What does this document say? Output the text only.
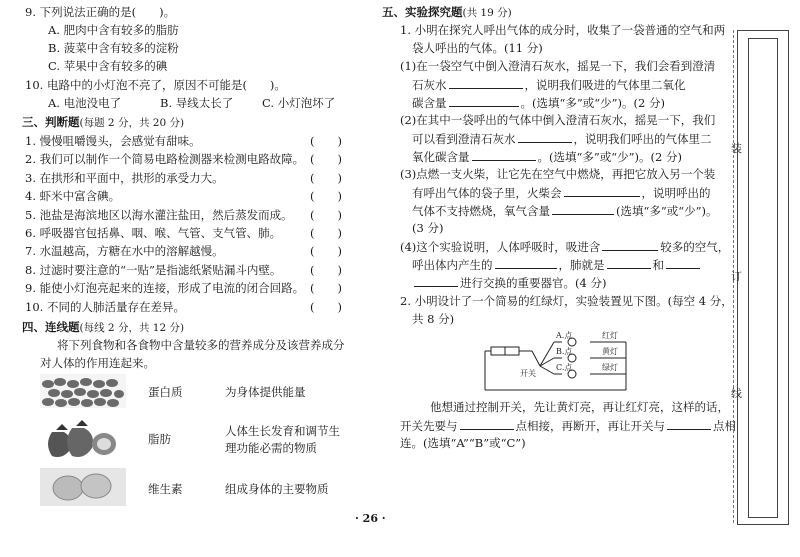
9. 下列说法正确的是(　　)。
A. 肥肉中含有较多的脂肪
B. 菠菜中含有较多的淀粉
C. 苹果中含有较多的碘
10. 电路中的小灯泡不亮了，原因不可能是(　　)。
A. 电池没电了	B. 导线太长了 C. 小灯泡坏了
三、判断题(每题 2 分，共 20 分)
1. 慢慢咀嚼馒头，会感觉有甜味。	(　　)
2. 我们可以制作一个简易电路检测器来检测电路故障。 (　　)
3. 在拱形和平面中，拱形的承受力大。	(　　)
4. 虾米中富含碘。	(　　)
5. 池盐是海滨地区以海水灌注盐田，然后蒸发而成。 (　　)
6. 呼吸器官包括鼻、咽、喉、气管、支气管、肺。	(　　)
7. 水温越高，方糖在水中的溶解越慢。	(　　)
8. 过滤时要注意的“一贴”是指滤纸紧贴漏斗内壁。 (　　)
9. 能使小灯泡亮起来的连接，形成了电流的闭合回路。 (　　)
10. 不同的人肺活量存在差异。	(　　)
四、连线题(每线 2 分，共 12 分)
将下列食物和各食物中含量较多的营养成分及该营养成分
对人体的作用连起来。
蛋白质
脂肪
维生素
为身体提供能量
人体生长发育和调节生
理功能必需的物质
组成身体的主要物质
五、实验探究题(共 19 分)
1. 小明在探究人呼出气体的成分时，收集了一袋普通的空气和两
袋人呼出的气体。(11 分)
(1)在一袋空气中倒入澄清石灰水，摇晃一下，我们会看到澄清
石灰水	，说明我们吸进的气体里二氧化
碳含量	。(选填“多”或“少”)。(2 分)
(2)在其中一袋呼出的气体中倒入澄清石灰水，摇晃一下，我们
可以看到澄清石灰水	，说明我们呼出的气体里二
氧化碳含量	。(选填“多”或“少”)。(2 分)
(3)点燃一支火柴，让它先在空气中燃烧，再把它放入另一个装
有呼出气体的袋子里，火柴会	，说明呼出的
气体不支持燃烧，氧气含量	(选填“多”或“少”)。
(3 分)
(4)这个实验说明，人体呼吸时，吸进含	较多的空气，
呼出体内产生的	，肺就是	和
进行交换的重要器官。(4 分)
2. 小明设计了一个简易的红绿灯，实验装置见下图。(每空 4 分，
共 8 分)
A.点
B.点
C.点
红灯
黄灯
绿灯
开关
他想通过控制开关，先让黄灯亮，再让红灯亮，这样的话，
开关先要与	点相接，再断开，再让开关与	点相
连。(选填“A”“B”或“C”)
· 26 ·
装
订
线
